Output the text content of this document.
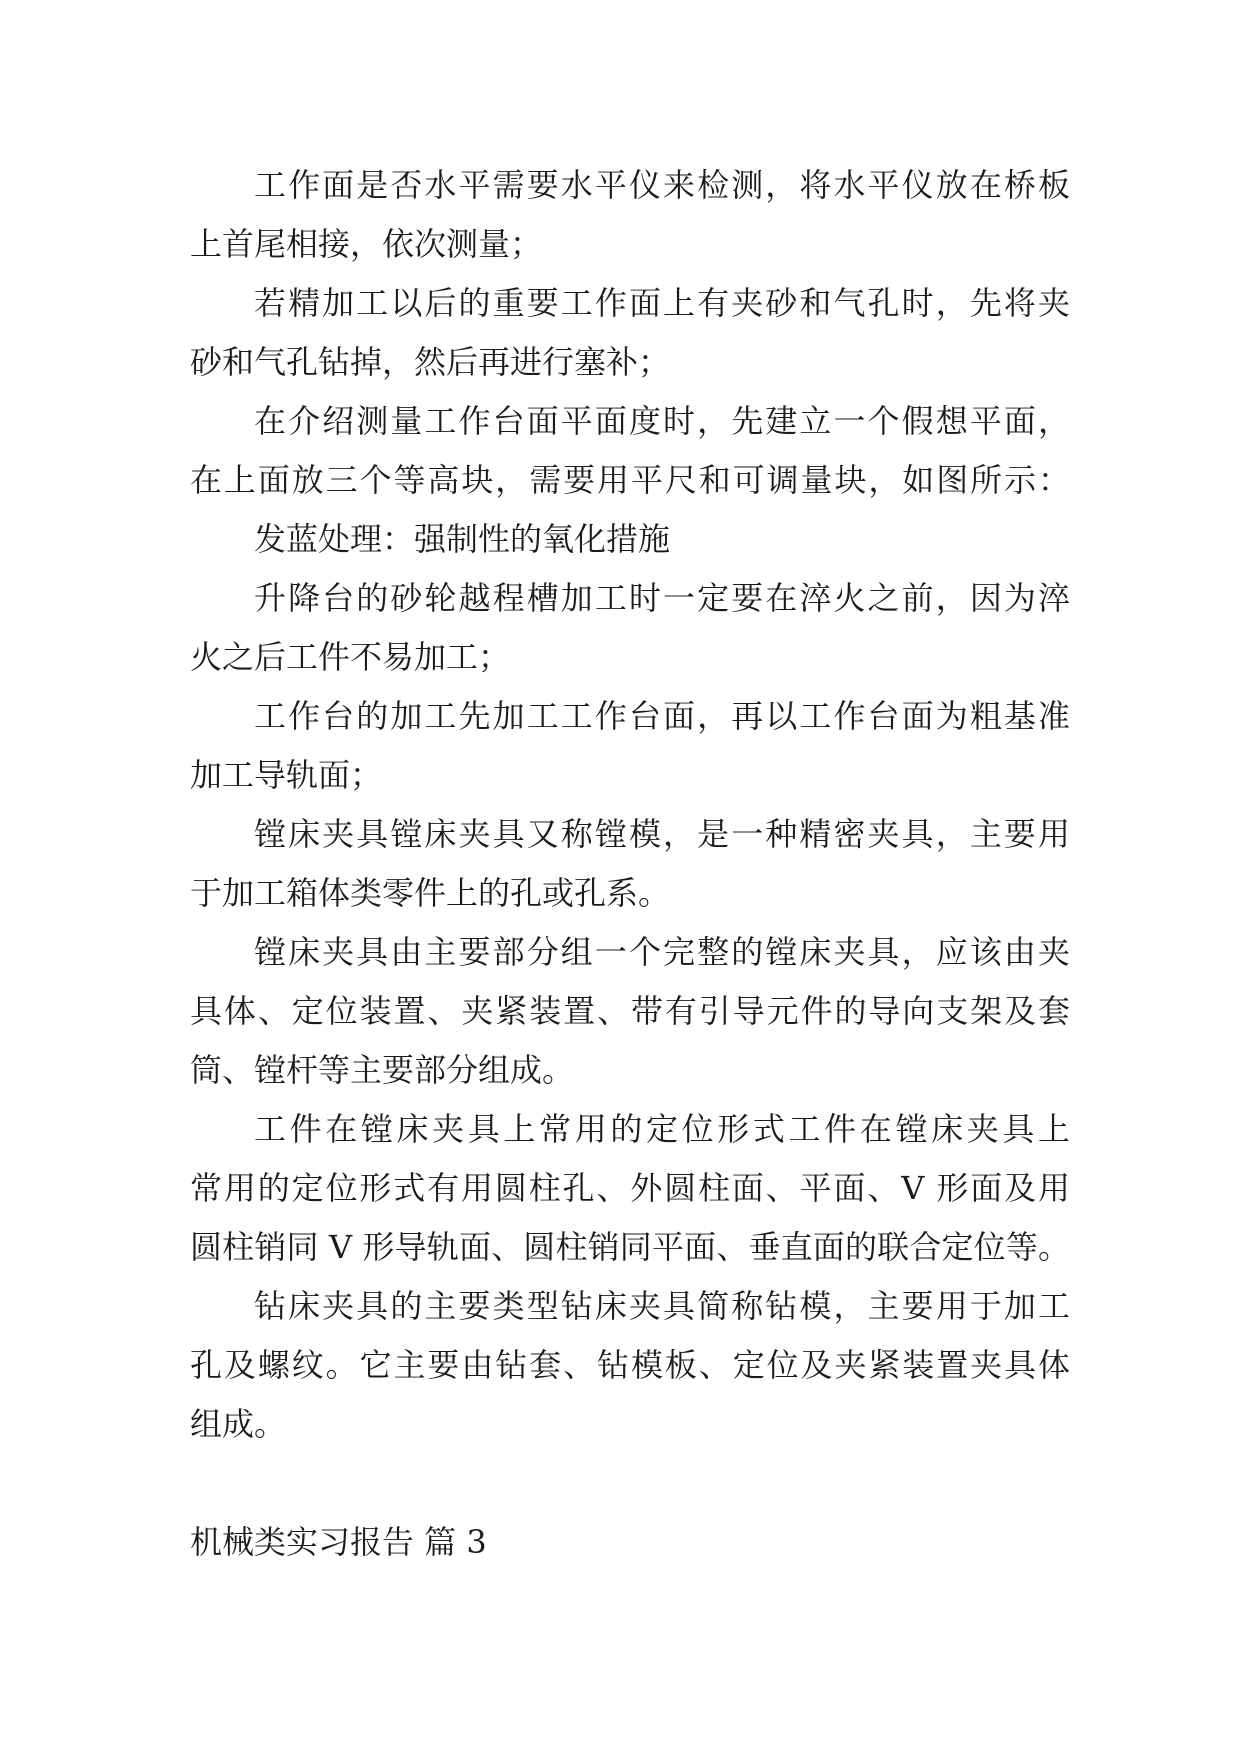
工作面是否水平需要水平仪来检测，将水平仪放在桥板
上首尾相接，依次测量；
若精加工以后的重要工作面上有夹砂和气孔时，先将夹
砂和气孔钻掉，然后再进行塞补；
在介绍测量工作台面平面度时，先建立一个假想平面，
在上面放三个等高块，需要用平尺和可调量块，如图所示：
发蓝处理：强制性的氧化措施
升降台的砂轮越程槽加工时一定要在淬火之前，因为淬
火之后工件不易加工；
工作台的加工先加工工作台面，再以工作台面为粗基准
加工导轨面；
镗床夹具镗床夹具又称镗模，是一种精密夹具，主要用
于加工箱体类零件上的孔或孔系。
镗床夹具由主要部分组一个完整的镗床夹具，应该由夹
具体、定位装置、夹紧装置、带有引导元件的导向支架及套
筒、镗杆等主要部分组成。
工件在镗床夹具上常用的定位形式工件在镗床夹具上
常用的定位形式有用圆柱孔、外圆柱面、平面、V 形面及用
圆柱销同 V 形导轨面、圆柱销同平面、垂直面的联合定位等。
钻床夹具的主要类型钻床夹具简称钻模，主要用于加工
孔及螺纹。它主要由钻套、钻模板、定位及夹紧装置夹具体
组成。
机械类实习报告 篇 3
